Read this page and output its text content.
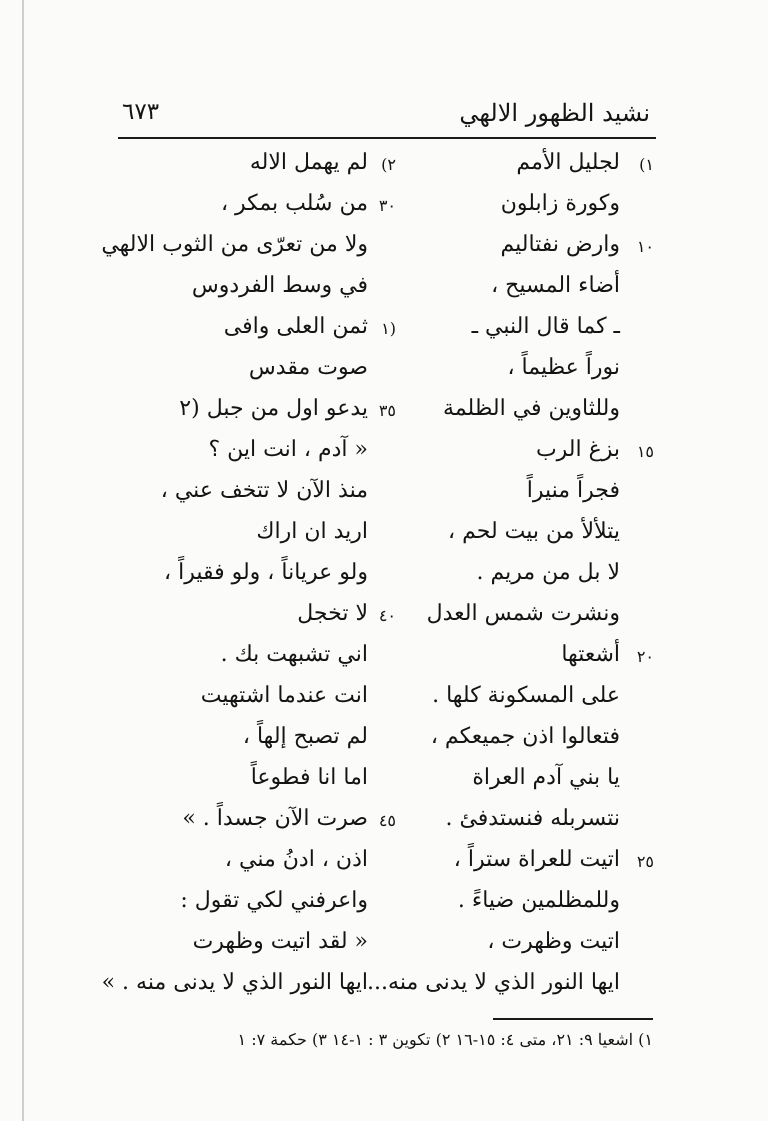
نشيد الظهور الالهي
٦٧٣
١)
لجليل الأمم
٢)
لم يهمل الاله
وكورة زابلون
٣٠
من سُلب بمكر ،
١٠
وارض نفتاليم
ولا من تعرّى من الثوب الالهي
أضاء المسيح ،
في وسط الفردوس
ـ كما قال النبي ـ
(١
ثمن العلى وافى
نوراً عظيماً ،
صوت مقدس
وللثاوين في الظلمة
٣٥
يدعو اول من جبل (٢
١٥
بزغ الرب
« آدم ، انت اين ؟
فجراً منيراً
منذ الآن لا تتخف عني ،
يتلألأ من بيت لحم ،
اريد ان اراك
لا بل من مريم .
ولو عرياناً ، ولو فقيراً ،
ونشرت شمس العدل
٤٠
لا تخجل
٢٠
أشعتها
اني تشبهت بك .
على المسكونة كلها .
انت عندما اشتهيت
فتعالوا اذن جميعكم ،
لم تصبح إلهاً ،
يا بني آدم العراة
اما انا فطوعاً
نتسربله فنستدفئ .
٤٥
صرت الآن جسداً . »
٢٥
اتيت للعراة ستراً ،
اذن ، ادنُ مني ،
وللمظلمين ضياءً .
واعرفني لكي تقول :
اتيت وظهرت ،
« لقد اتيت وظهرت
ايها النور الذي لا يدنى منه...
ايها النور الذي لا يدنى منه . »
١) اشعيا ٩: ٢١، متى ٤: ١٥-١٦ ٢) تكوين ٣ : ١-١٤ ٣) حكمة ٧: ١
